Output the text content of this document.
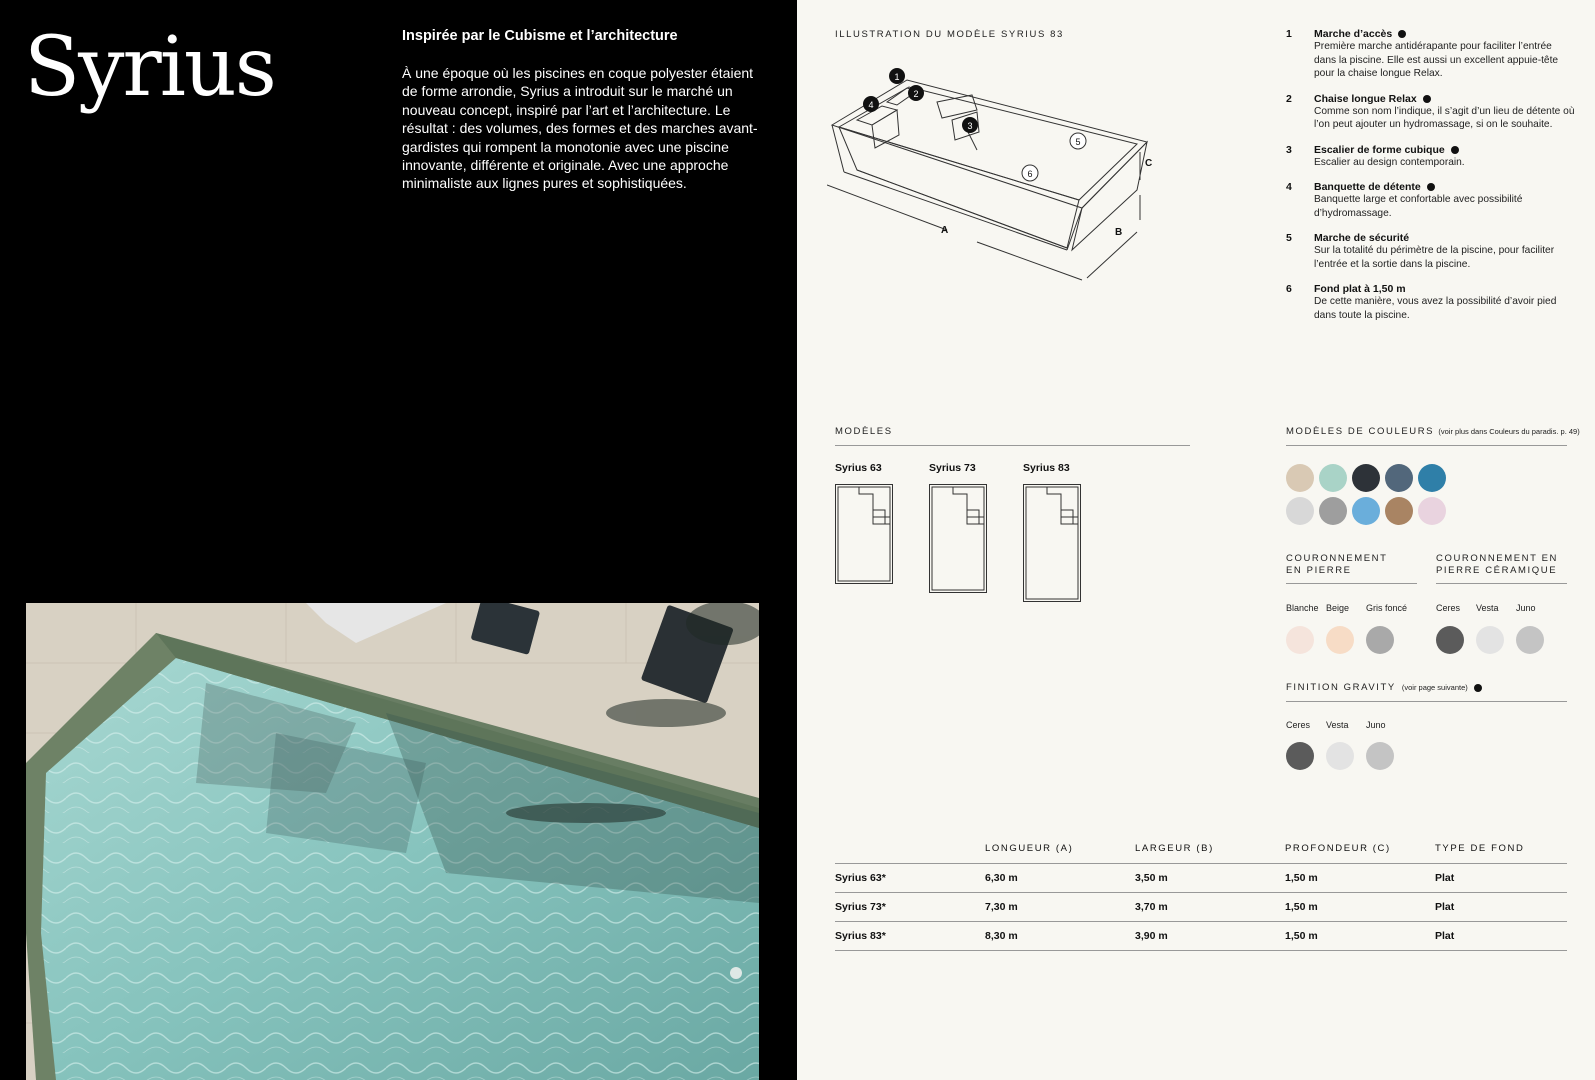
Syrius	Inspirée par le Cubisme et l’architecture

À une époque où les piscines en coque polyester étaient de forme arrondie, Syrius a introduit sur le marché un nouveau concept, inspiré par l’art et l’architecture. Le résultat : des volumes, des formes et des marches avant-gardistes qui rompent la monotonie avec une piscine innovante, différente et originale. Avec une approche minimaliste aux lignes pures et sophistiquées.

ILLUSTRATION DU MODÈLE SYRIUS 83
1
2
3
4
5
6
A	B
C
1	Marche d’accès
Première marche antidérapante pour faciliter l’entrée dans la piscine. Elle est aussi un excellent appuie-tête pour la chaise longue Relax.
2	Chaise longue Relax
Comme son nom l’indique, il s’agit d’un lieu de détente où l’on peut ajouter un hydromassage, si on le souhaite.
3	Escalier de forme cubique
Escalier au design contemporain.
4	Banquette de détente
Banquette large et confortable avec possibilité d’hydromassage.
5	Marche de sécurité
Sur la totalité du périmètre de la piscine, pour faciliter l’entrée et la sortie dans la piscine.
6	Fond plat à 1,50 m
De cette manière, vous avez la possibilité d’avoir pied dans toute la piscine.
MODÈLES
Syrius 63	Syrius 73	Syrius 83
MODÈLES DE COULEURS (voir plus dans Couleurs du paradis. p. 49)
COURONNEMENT
EN PIERRE
Blanche Beige	Gris foncé
COURONNEMENT EN
PIERRE CÉRAMIQUE
Ceres	Vesta	Juno
FINITION GRAVITY (voir page suivante)
Ceres	Vesta	Juno
	LONGUEUR (A)	LARGEUR (B)	PROFONDEUR (C)	TYPE DE FOND
Syrius 63*	6,30 m	3,50 m	1,50 m	Plat
Syrius 73*	7,30 m	3,70 m	1,50 m	Plat
Syrius 83*	8,30 m	3,90 m	1,50 m	Plat
